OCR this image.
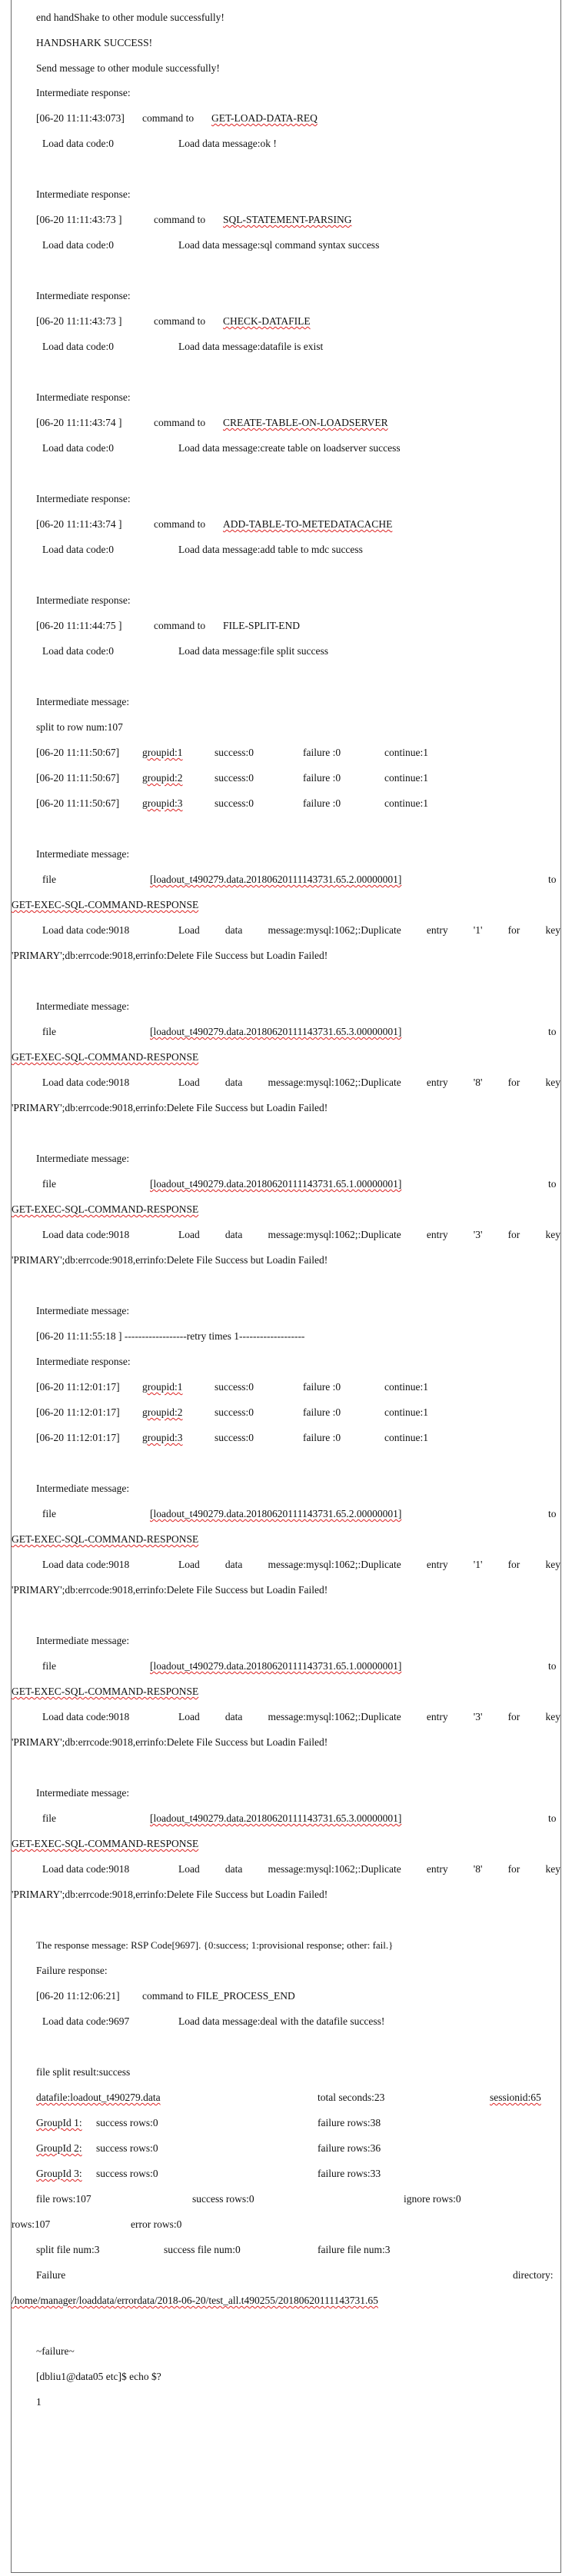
end handShake to other module successfully!
HANDSHARK SUCCESS!
Send message to other module successfully!
Intermediate response:
[06-20 11:11:43:073] command to GET-LOAD-DATA-REQ
Load data code:0	Load data message:ok !
Intermediate response:
[06-20 11:11:43:73 ]	command to SQL-STATEMENT-PARSING
Load data code:0	Load data message:sql command syntax success
Intermediate response:
[06-20 11:11:43:73 ]	command to CHECK-DATAFILE
Load data code:0	Load data message:datafile is exist
Intermediate response:
[06-20 11:11:43:74 ]	command to CREATE-TABLE-ON-LOADSERVER
Load data code:0	Load data message:create table on loadserver success
Intermediate response:
[06-20 11:11:43:74 ]	command to ADD-TABLE-TO-METEDATACACHE
Load data code:0	Load data message:add table to mdc success
Intermediate response:
[06-20 11:11:44:75 ]	command to FILE-SPLIT-END
Load data code:0	Load data message:file split success
Intermediate message:
split to row num:107
[06-20 11:11:50:67] groupid:1	success:0	failure :0	continue:1
[06-20 11:11:50:67] groupid:2	success:0	failure :0	continue:1
[06-20 11:11:50:67] groupid:3	success:0	failure :0	continue:1
Intermediate message:
file	[loadout_t490279.data.20180620111143731.65.2.00000001]	to
GET-EXEC-SQL-COMMAND-RESPONSE
Load data code:9018	Load data message:mysql:1062;:Duplicate entry '1' for key
'PRIMARY';db:errcode:9018,errinfo:Delete File Success but Loadin Failed!
Intermediate message:
file	[loadout_t490279.data.20180620111143731.65.3.00000001]	to
GET-EXEC-SQL-COMMAND-RESPONSE
Load data code:9018	Load data message:mysql:1062;:Duplicate entry '8' for key
'PRIMARY';db:errcode:9018,errinfo:Delete File Success but Loadin Failed!
Intermediate message:
file	[loadout_t490279.data.20180620111143731.65.1.00000001]	to
GET-EXEC-SQL-COMMAND-RESPONSE
Load data code:9018	Load data message:mysql:1062;:Duplicate entry '3' for key
'PRIMARY';db:errcode:9018,errinfo:Delete File Success but Loadin Failed!
Intermediate message:
[06-20 11:11:55:18 ] ------------------retry times 1-------------------
Intermediate response:
[06-20 11:12:01:17] groupid:1	success:0	failure :0	continue:1
[06-20 11:12:01:17] groupid:2	success:0	failure :0	continue:1
[06-20 11:12:01:17] groupid:3	success:0	failure :0	continue:1
Intermediate message:
file	[loadout_t490279.data.20180620111143731.65.2.00000001]	to
GET-EXEC-SQL-COMMAND-RESPONSE
Load data code:9018	Load data message:mysql:1062;:Duplicate entry '1' for key
'PRIMARY';db:errcode:9018,errinfo:Delete File Success but Loadin Failed!
Intermediate message:
file	[loadout_t490279.data.20180620111143731.65.1.00000001]	to
GET-EXEC-SQL-COMMAND-RESPONSE
Load data code:9018	Load data message:mysql:1062;:Duplicate entry '3' for key
'PRIMARY';db:errcode:9018,errinfo:Delete File Success but Loadin Failed!
Intermediate message:
file	[loadout_t490279.data.20180620111143731.65.3.00000001]	to
GET-EXEC-SQL-COMMAND-RESPONSE
Load data code:9018	Load data message:mysql:1062;:Duplicate entry '8' for key
'PRIMARY';db:errcode:9018,errinfo:Delete File Success but Loadin Failed!
The response message: RSP Code[9697]. {0:success; 1:provisional response; other: fail.}
Failure response:
[06-20 11:12:06:21] command to FILE_PROCESS_END
Load data code:9697	Load data message:deal with the datafile success!
file split result:success
datafile:loadout_t490279.data	total seconds:23	sessionid:65
GroupId 1: success rows:0	failure rows:38
GroupId 2: success rows:0	failure rows:36
GroupId 3: success rows:0	failure rows:33
file rows:107	success rows:0	ignore rows:0
rows:107	error rows:0
split file num:3	success file num:0	failure file num:3
Failure	directory:
/home/manager/loaddata/errordata/2018-06-20/test_all.t490255/20180620111143731.65
~failure~
[dbliu1@data05 etc]$ echo $?
1
